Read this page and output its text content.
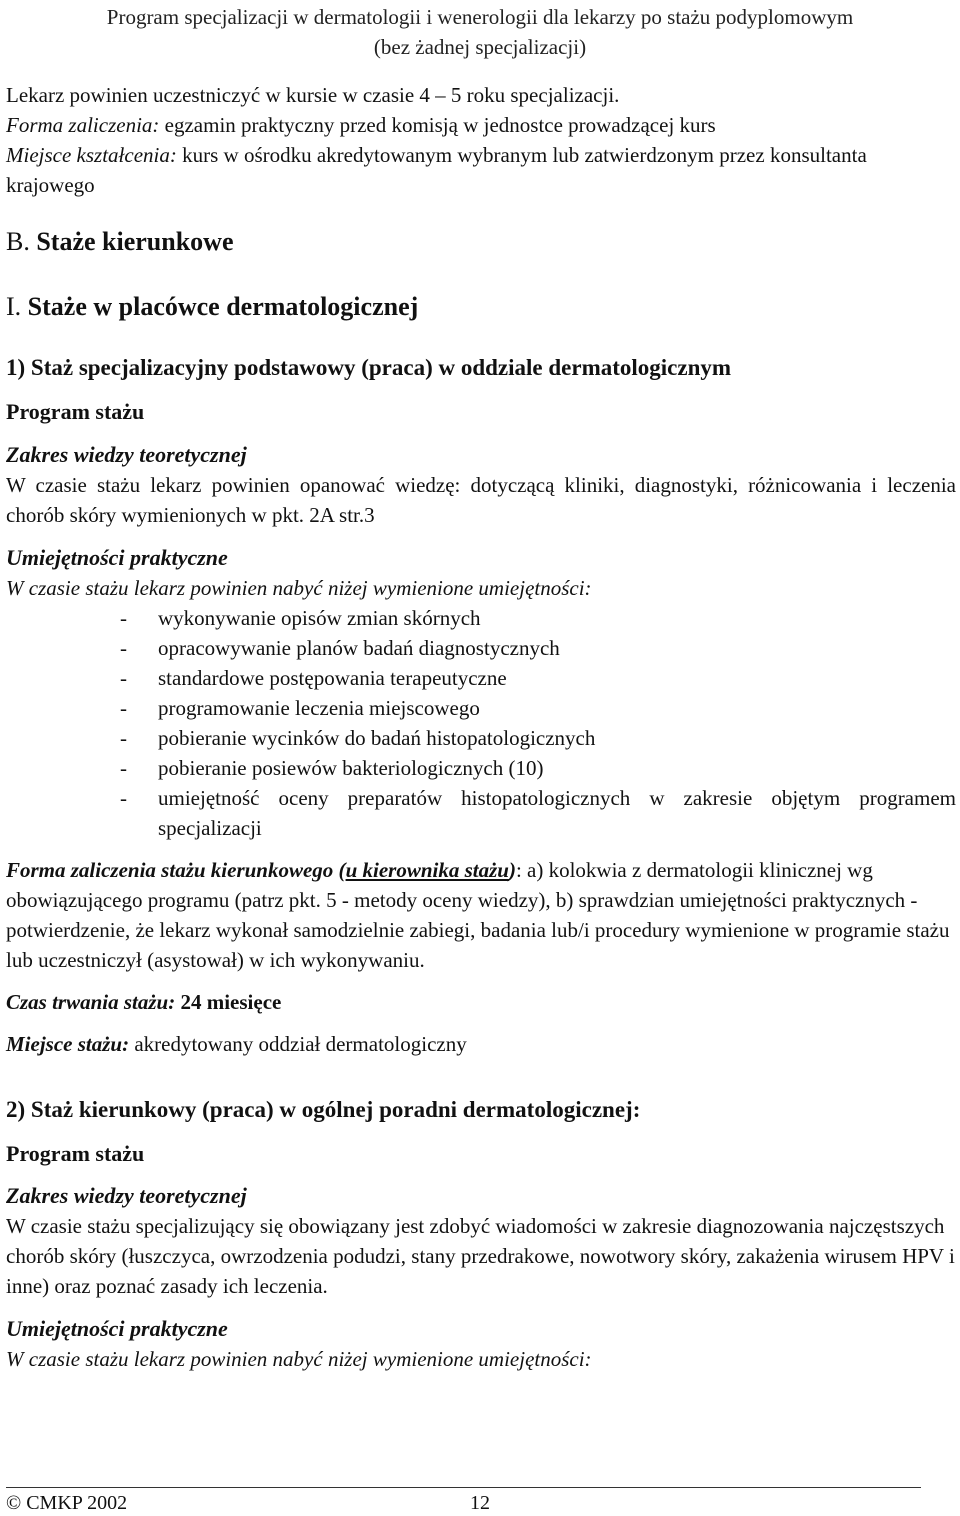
Program specjalizacji w dermatologii i wenerologii dla lekarzy po stażu podyplomowym
(bez żadnej specjalizacji)

Lekarz powinien uczestniczyć w kursie w czasie 4 – 5 roku specjalizacji.

Forma zaliczenia: egzamin praktyczny przed komisją w jednostce prowadzącej kurs

Miejsce kształcenia: kurs w ośrodku akredytowanym wybranym lub zatwierdzonym przez konsultanta krajowego

B. Staże kierunkowe

I. Staże w placówce dermatologicznej

1) Staż specjalizacyjny podstawowy (praca) w oddziale dermatologicznym

Program stażu

Zakres wiedzy teoretycznej

W czasie stażu lekarz powinien opanować wiedzę: dotyczącą kliniki, diagnostyki, różnicowania i leczenia chorób skóry wymienionych w pkt. 2A str.3

Umiejętności praktyczne

W czasie stażu lekarz powinien nabyć niżej wymienione umiejętności:

- wykonywanie opisów zmian skórnych
- opracowywanie planów badań diagnostycznych
- standardowe postępowania terapeutyczne
- programowanie leczenia miejscowego
- pobieranie wycinków do badań histopatologicznych
- pobieranie posiewów bakteriologicznych (10)
- umiejętność oceny preparatów histopatologicznych w zakresie objętym programem specjalizacji

Forma zaliczenia stażu kierunkowego (u kierownika stażu): a) kolokwia z dermatologii klinicznej wg obowiązującego programu (patrz pkt. 5 - metody oceny wiedzy), b) sprawdzian umiejętności praktycznych - potwierdzenie, że lekarz wykonał samodzielnie zabiegi, badania lub/i procedury wymienione w programie stażu lub uczestniczył (asystował) w ich wykonywaniu.

Czas trwania stażu: 24 miesięce

Miejsce stażu: akredytowany oddział dermatologiczny

2) Staż kierunkowy (praca) w ogólnej poradni dermatologicznej:

Program stażu

Zakres wiedzy teoretycznej

W czasie stażu specjalizujący się obowiązany jest zdobyć wiadomości w zakresie diagnozowania najczęstszych chorób skóry (łuszczyca, owrzodzenia podudzi, stany przedrakowe, nowotwory skóry, zakażenia wirusem HPV i inne) oraz poznać zasady ich leczenia.

Umiejętności praktyczne

W czasie stażu lekarz powinien nabyć niżej wymienione umiejętności:

© CMKP 2002	12
